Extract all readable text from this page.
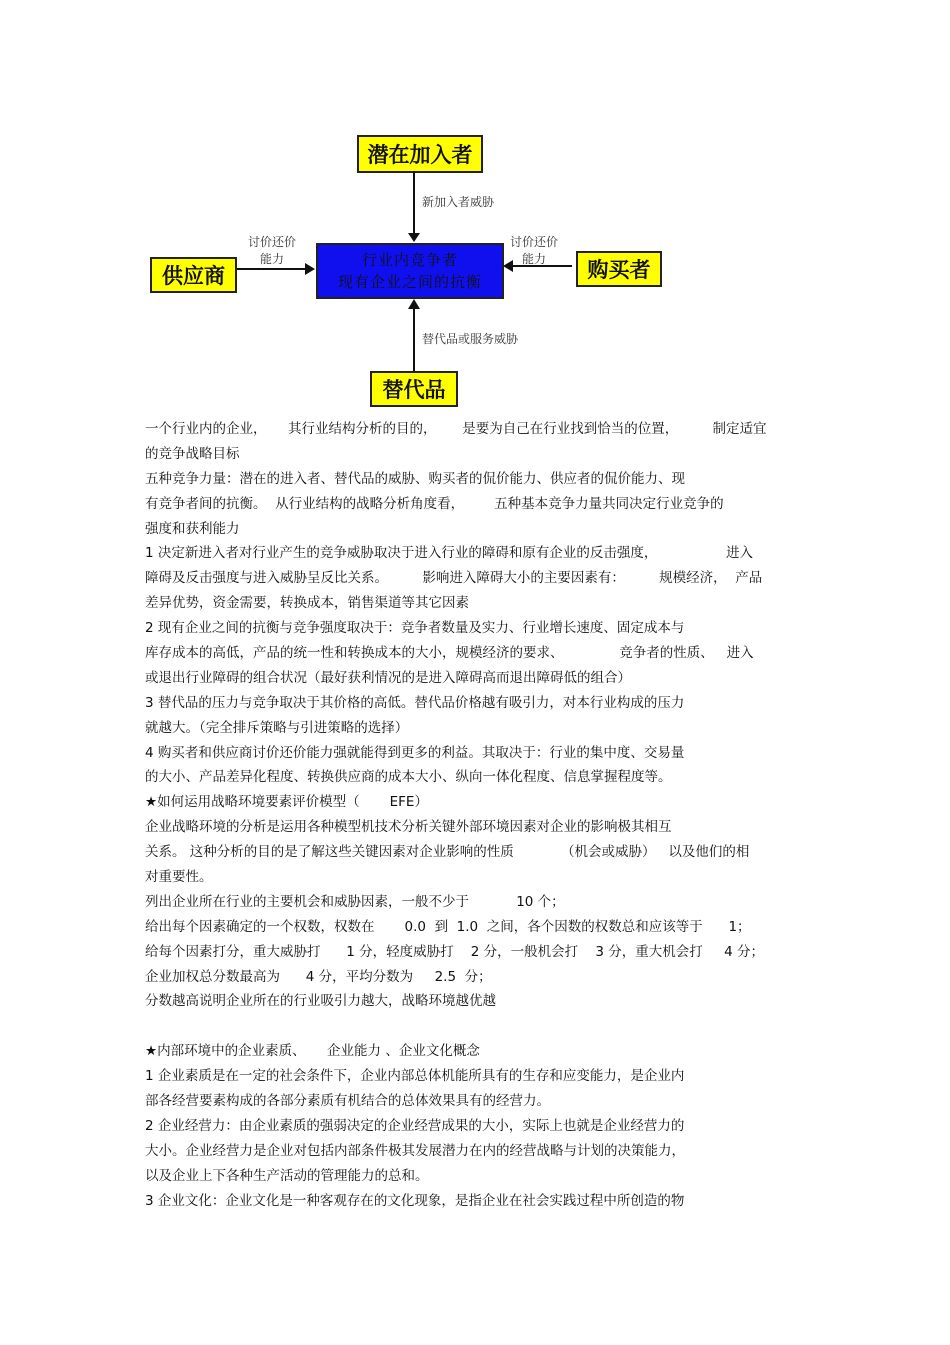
潜在加入者
新加入者威胁
供应商
讨价还价
能力	行业内竞争者
现有企业之间的抗衡	购买者
讨价还价
能力
替代品或服务威胁
替代品

一个行业内的企业，     其行业结构分析的目的，      是要为自己在行业找到恰当的位置，        制定适宜

的竞争战略目标

五种竞争力量：潜在的进入者、替代品的威胁、购买者的侃价能力、供应者的侃价能力、现

有竞争者间的抗衡。  从行业结构的战略分析角度看，       五种基本竞争力量共同决定行业竞争的

强度和获利能力

1 决定新进入者对行业产生的竞争威胁取决于进入行业的障碍和原有企业的反击强度，                进入

障碍及反击强度与进入威胁呈反比关系。        影响进入障碍大小的主要因素有：        规模经济，  产品

差异优势，资金需要，转换成本，销售渠道等其它因素

2 现有企业之间的抗衡与竞争强度取决于：竞争者数量及实力、行业增长速度、固定成本与

库存成本的高低，产品的统一性和转换成本的大小，规模经济的要求、             竞争者的性质、   进入

或退出行业障碍的组合状况（最好获利情况的是进入障碍高而退出障碍低的组合）

3 替代品的压力与竞争取决于其价格的高低。替代品价格越有吸引力，对本行业构成的压力

就越大。（完全排斥策略与引进策略的选择）

4 购买者和供应商讨价还价能力强就能得到更多的利益。其取决于：行业的集中度、交易量

的大小、产品差异化程度、转换供应商的成本大小、纵向一体化程度、信息掌握程度等。

★如何运用战略环境要素评价模型（       EFE）

企业战略环境的分析是运用各种模型机技术分析关键外部环境因素对企业的影响极其相互

关系。 这种分析的目的是了解这些关键因素对企业影响的性质           （机会或威胁）   以及他们的相

对重要性。

列出企业所在行业的主要机会和威胁因素，一般不少于           10 个；

给出每个因素确定的一个权数，权数在       0.0  到  1.0  之间，各个因数的权数总和应该等于      1；

给每个因素打分，重大威胁打      1 分，轻度威胁打    2 分，一般机会打    3 分，重大机会打     4 分；

企业加权总分数最高为      4 分，平均分数为     2.5  分；

分数越高说明企业所在的行业吸引力越大，战略环境越优越

★内部环境中的企业素质、     企业能力 、企业文化概念

1 企业素质是在一定的社会条件下，企业内部总体机能所具有的生存和应变能力，是企业内

部各经营要素构成的各部分素质有机结合的总体效果具有的经营力。

2 企业经营力：由企业素质的强弱决定的企业经营成果的大小，实际上也就是企业经营力的

大小。企业经营力是企业对包括内部条件极其发展潜力在内的经营战略与计划的决策能力，

以及企业上下各种生产活动的管理能力的总和。

3 企业文化：企业文化是一种客观存在的文化现象，是指企业在社会实践过程中所创造的物
